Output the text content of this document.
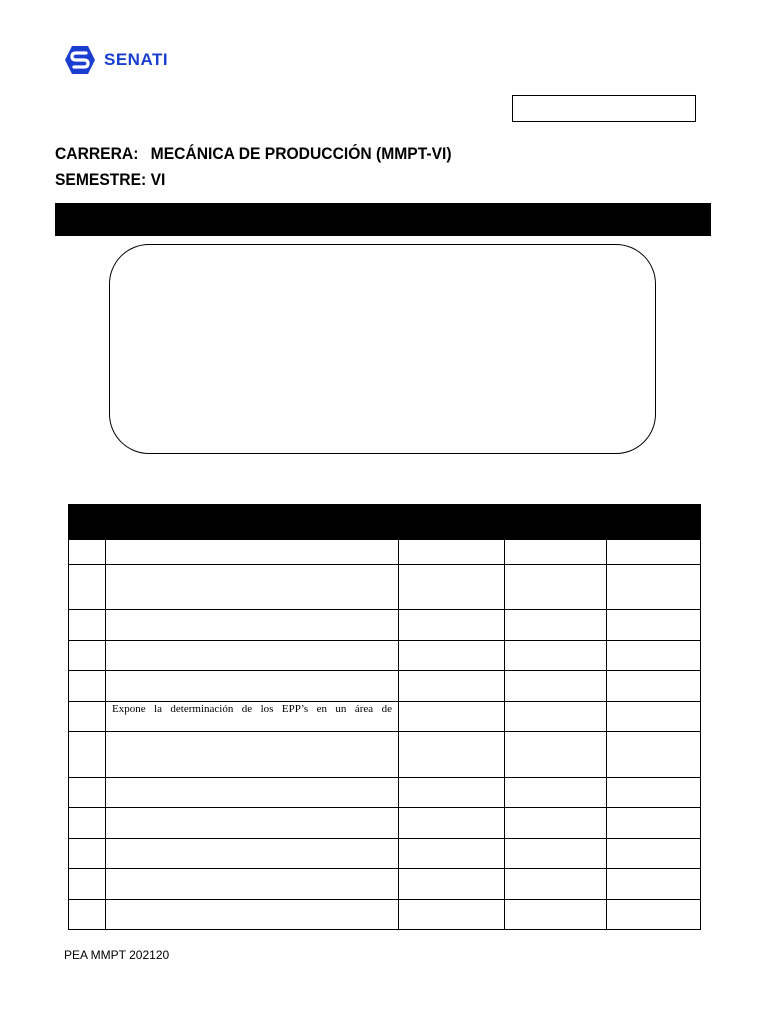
SENATI
CARRERA: MECÁNICA DE PRODUCCIÓN (MMPT-VI)
SEMESTRE: VI

	Expone la determinación de los EPP’s en un área de			

PEA MMPT 202120
